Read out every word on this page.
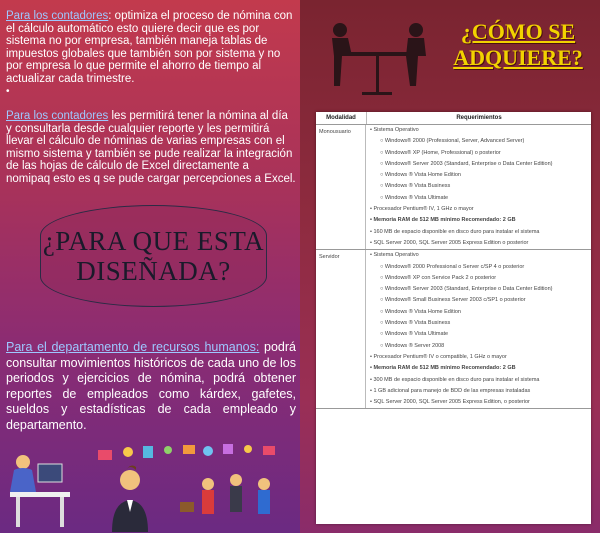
Para los contadores: optimiza el proceso de nómina con el cálculo automático esto quiere decir que es por sistema no por empresa, también maneja tablas de impuestos globales que también son por sistema y no por empresa lo que permite el ahorro de tiempo al actualizar cada trimestre.
•
Para los contadores les permitirá tener la nómina al día y consultarla desde cualquier reporte y les permitirá llevar el cálculo de nóminas de varias empresas con el mismo sistema y también se pude realizar la integración de las hojas de cálculo de Excel directamente a nomipaq esto es q se pude cargar percepciones a Excel.
¿PARA QUE ESTA DISEÑADA?
Para el departamento de recursos humanos: podrá consultar movimientos históricos de cada uno de los periodos y ejercicios de nómina, podrá obtener reportes de empleados como kárdex, gafetes, sueldos y estadísticas de cada empleado y departamento.
¿CÓMO SE ADQUIERE?
Modalidad	Requerimientos
Monousuario	• Sistema Operativo
○ Windows® 2000 (Professional, Server, Advanced Server)
○ Windows® XP (Home, Professional) o posterior
○ Windows® Server 2003 (Standard, Enterprise o Data Center Edition)
○ Windows ® Vista Home Edition
○ Windows ® Vista Business
○ Windows ® Vista Ultimate
• Procesador Pentium® IV, 1 GHz o mayor
• Memoria RAM de 512 MB mínimo Recomendado: 2 GB
• 160 MB de espacio disponible en disco duro para instalar el sistema
• SQL Server 2000, SQL Server 2005 Express Edition o posterior
Servidor	• Sistema Operativo
○ Windows® 2000 Professional o Server c/SP 4 o posterior
○ Windows® XP con Service Pack 2 o posterior
○ Windows® Server 2003 (Standard, Enterprise o Data Center Edition)
○ Windows® Small Business Server 2003 c/SP1 o posterior
○ Windows ® Vista Home Edition
○ Windows ® Vista Business
○ Windows ® Vista Ultimate
○ Windows ® Server 2008
• Procesador Pentium® IV o compatible, 1 GHz o mayor
• Memoria RAM de 512 MB mínimo Recomendado: 2 GB
• 300 MB de espacio disponible en disco duro para instalar el sistema
• 1 GB adicional para manejo de BDD de las empresas instaladas
• SQL Server 2000, SQL Server 2005 Express Edition, o posterior
